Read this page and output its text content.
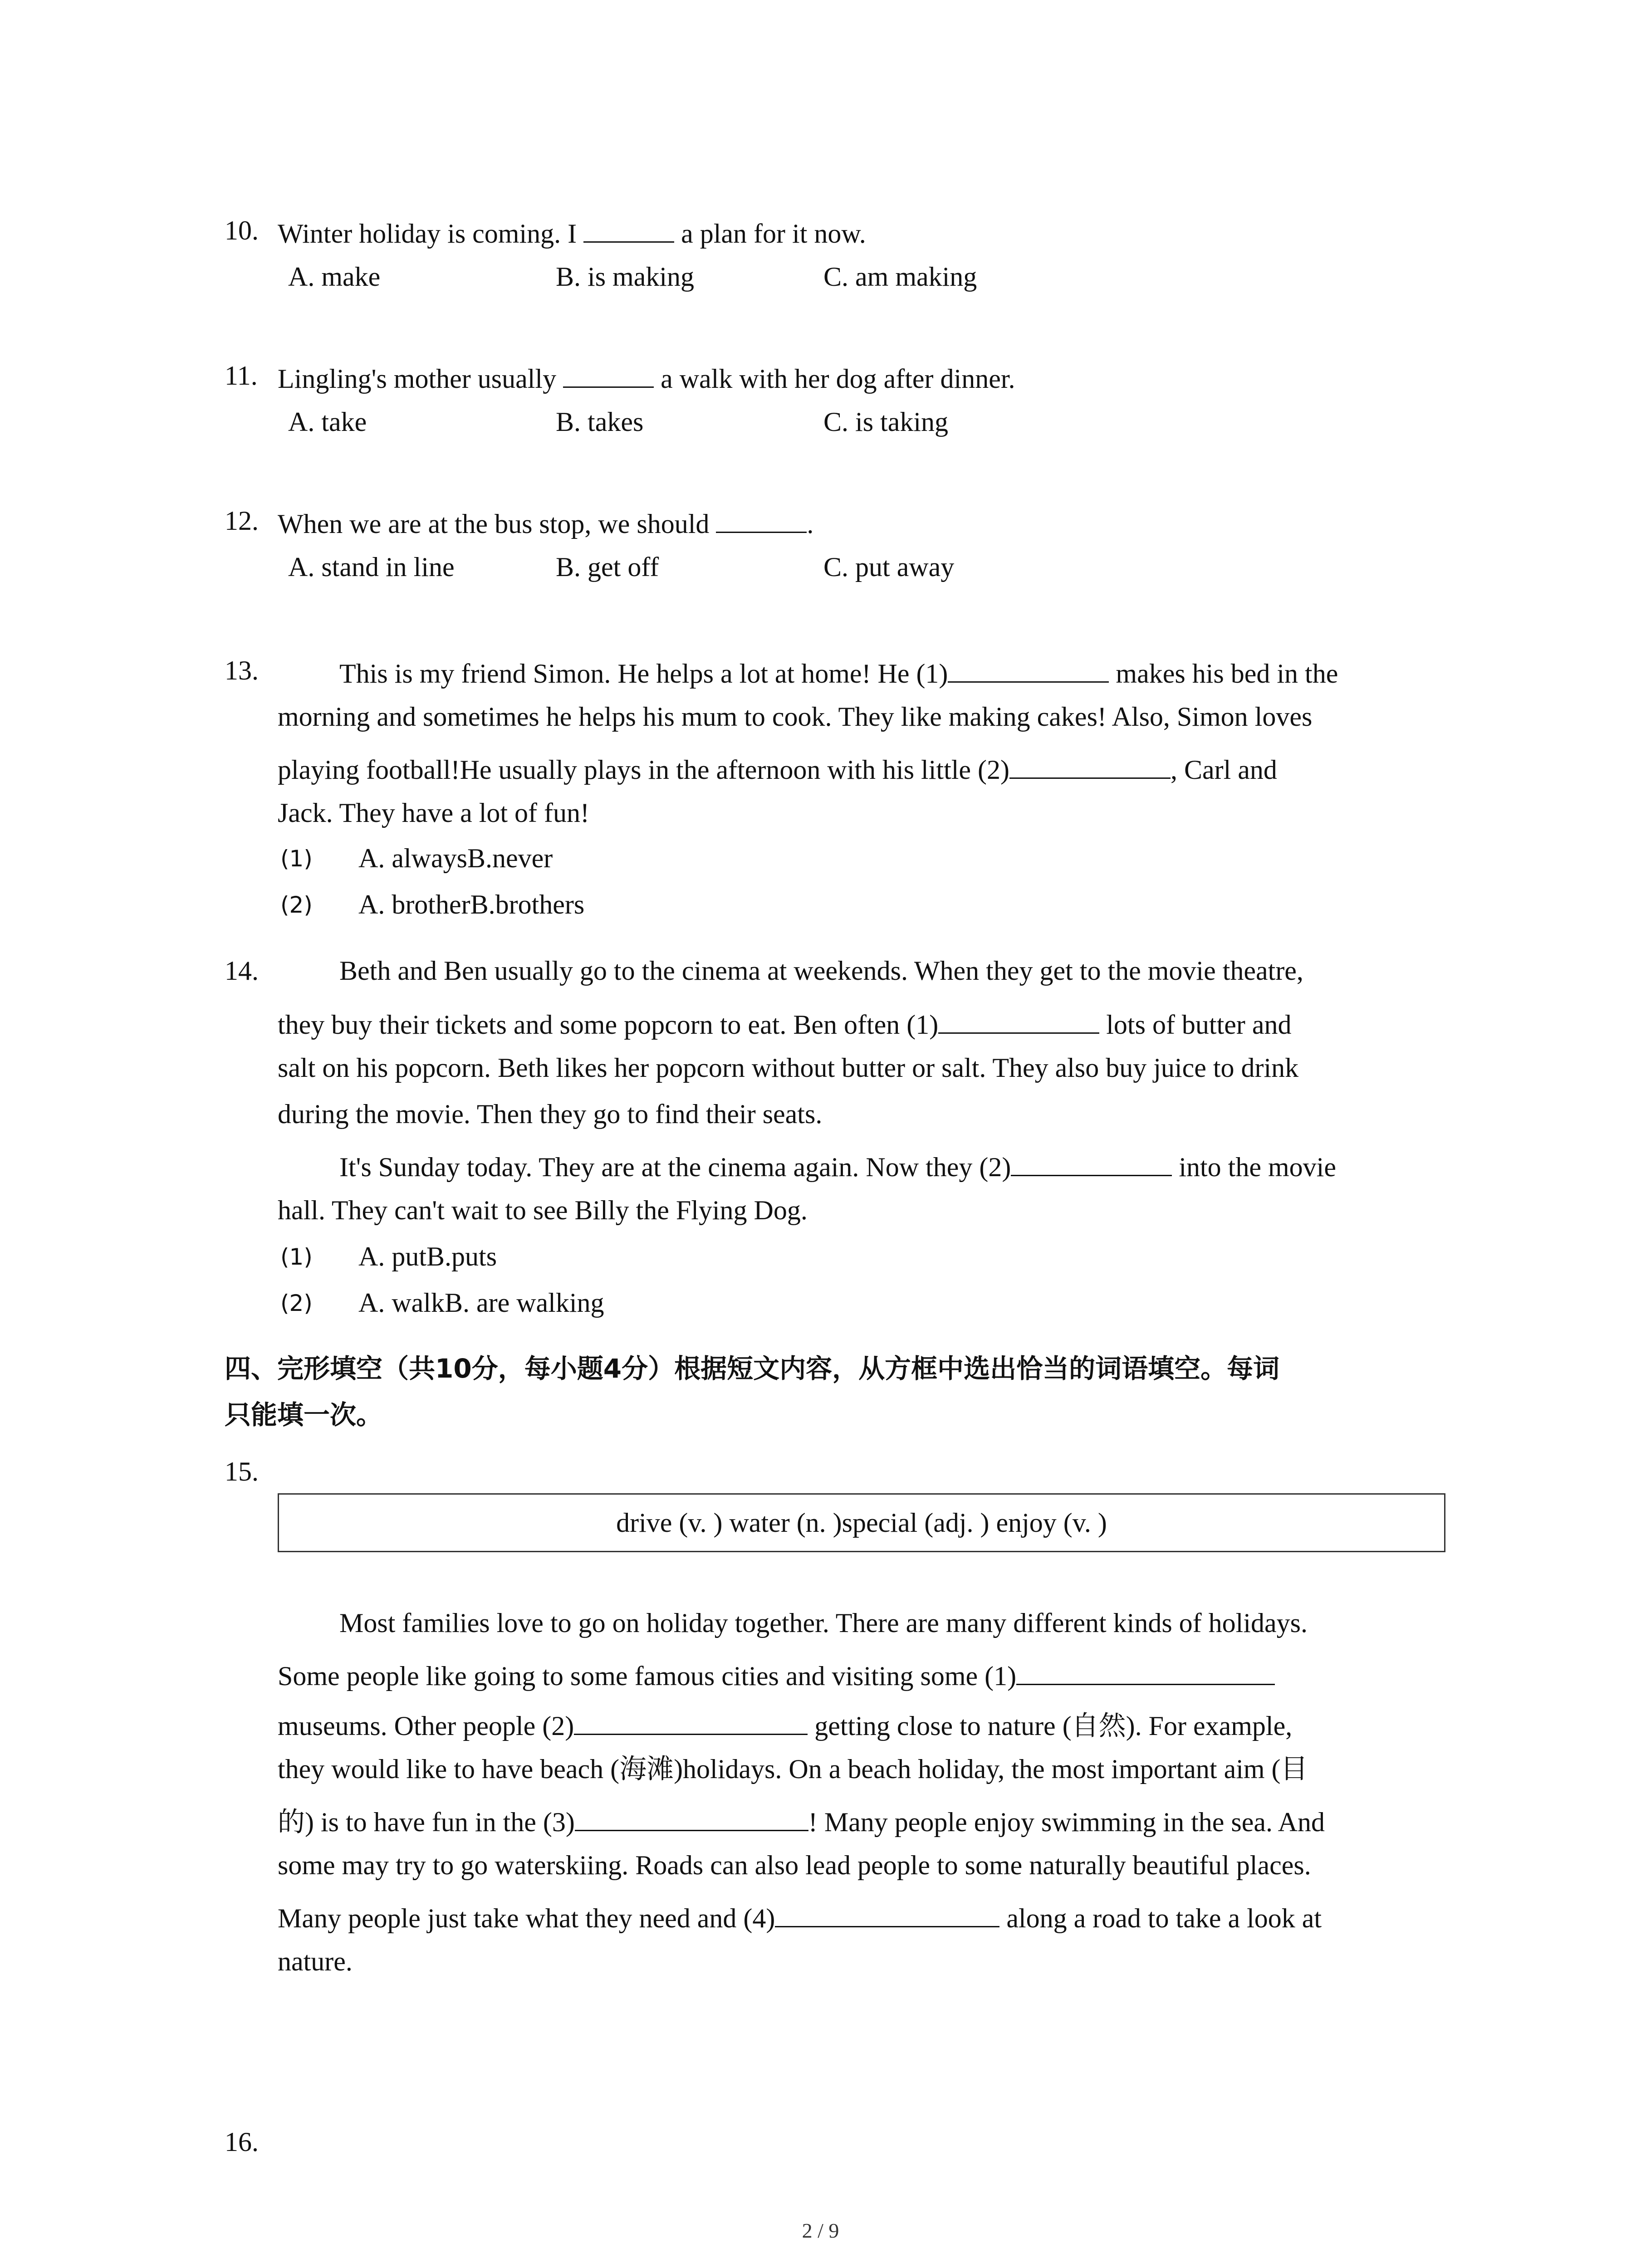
10. Winter holiday is coming. I	a plan for it now.
A. make	B. is making	C. am making
11. Lingling's mother usually	a walk with her dog after dinner.
A. take	B. takes	C. is taking
12. When we are at the bus stop, we should	.
A. stand in line	B. get off	C. put away
13.	This is my friend Simon. He helps a lot at home! He (1)	makes his bed in the
morning and sometimes he helps his mum to cook. They like making cakes! Also, Simon loves
playing football!He usually plays in the afternoon with his little (2)	, Carl and
Jack. They have a lot of fun!
(1) A. alwaysB.never
(2) A. brotherB.brothers
14.	Beth and Ben usually go to the cinema at weekends. When they get to the movie theatre,
they buy their tickets and some popcorn to eat. Ben often (1)	lots of butter and
salt on his popcorn. Beth likes her popcorn without butter or salt. They also buy juice to drink
during the movie. Then they go to find their seats.
It's Sunday today. They are at the cinema again. Now they (2)	into the movie
hall. They can't wait to see Billy the Flying Dog.
(1) A. putB.puts
(2) A. walkB. are walking
四、完形填空（共10分，每小题4分）根据短文内容，从方框中选出恰当的词语填空。每词
只能填一次。
15.
drive (v. ) water (n. )special (adj. ) enjoy (v. )
Most families love to go on holiday together. There are many different kinds of holidays.
Some people like going to some famous cities and visiting some (1)
museums. Other people (2)	getting close to nature (自然). For example,
they would like to have beach (海滩)holidays. On a beach holiday, the most important aim (目
的) is to have fun in the (3)	! Many people enjoy swimming in the sea. And
some may try to go waterskiing. Roads can also lead people to some naturally beautiful places.
Many people just take what they need and (4)	along a road to take a look at
nature.
16.
2 / 9
